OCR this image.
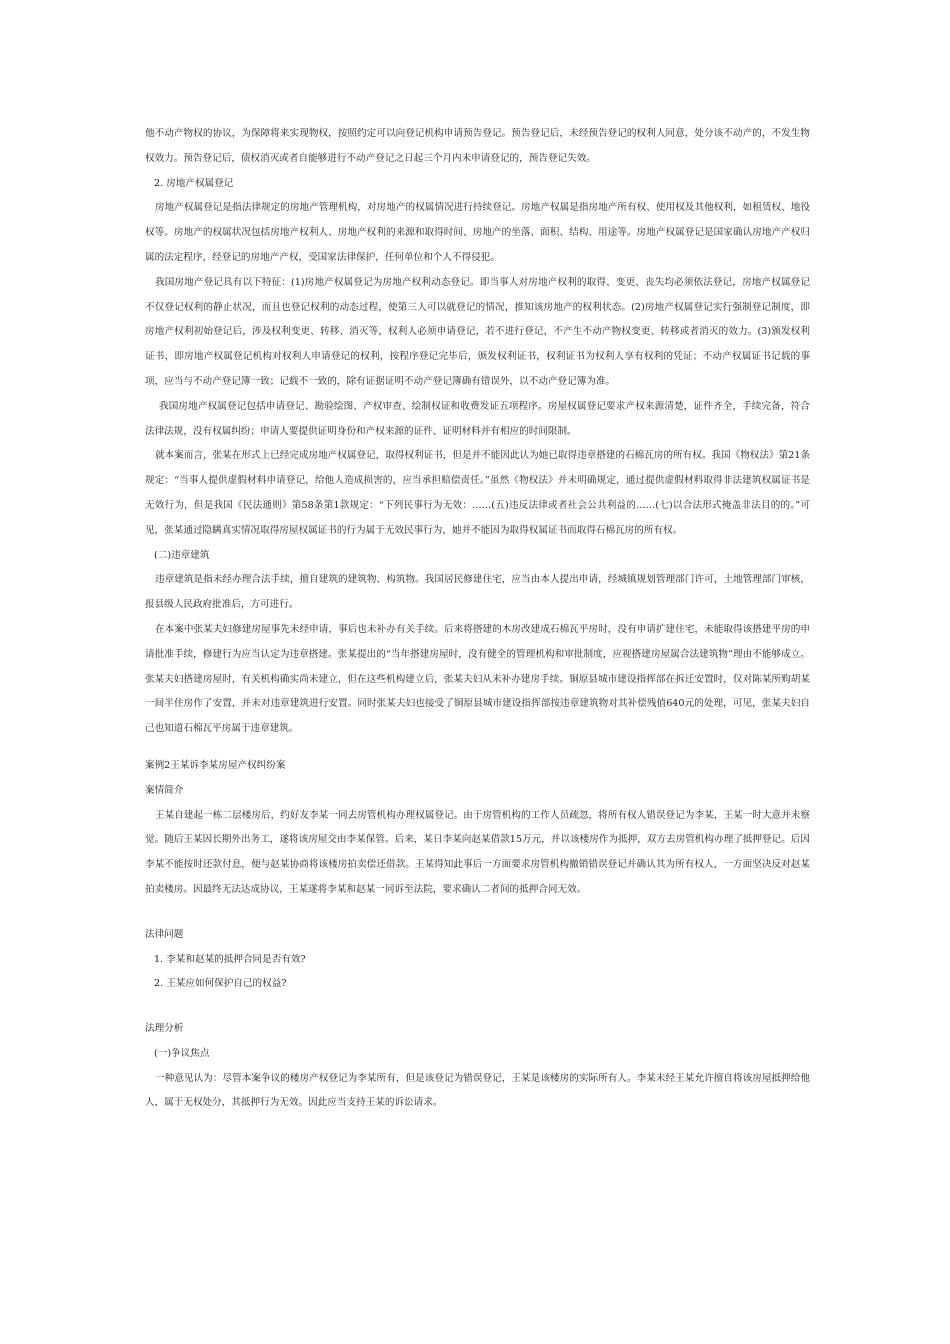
他不动产物权的协议，为保障将来实现物权，按照约定可以向登记机构申请预告登记。预告登记后，未经预告登记的权利人同意，处分该不动产的，不发生物权效力。预告登记后，债权消灭或者自能够进行不动产登记之日起三个月内未申请登记的，预告登记失效。

2. 房地产权属登记

房地产权属登记是指法律规定的房地产管理机构，对房地产的权属情况进行持续登记。房地产权属是指房地产所有权、使用权及其他权利，如租赁权、地役权等。房地产的权属状况包括房地产权利人、房地产权利的来源和取得时间、房地产的坐落、面积、结构、用途等。房地产权属登记是国家确认房地产产权归属的法定程序，经登记的房地产产权，受国家法律保护，任何单位和个人不得侵犯。

我国房地产登记具有以下特征：(1)房地产权属登记为房地产权利动态登记。即当事人对房地产权利的取得、变更、丧失均必须依法登记，房地产权属登记不仅登记权利的静止状况，而且也登记权利的动态过程，使第三人可以就登记的情况，推知该房地产的权利状态。(2)房地产权属登记实行强制登记制度，即房地产权利初始登记后，涉及权利变更、转移、消灭等，权利人必须申请登记，若不进行登记，不产生不动产物权变更、转移或者消灭的效力。(3)颁发权利证书，即房地产权属登记机构对权利人申请登记的权利，按程序登记完毕后，颁发权利证书，权利证书为权利人享有权利的凭证；不动产权属证书记载的事项，应当与不动产登记簿一致；记载不一致的，除有证据证明不动产登记簿确有错误外，以不动产登记簿为准。

我国房地产权属登记包括申请登记、勘验绘图、产权审查、绘制权证和收费发证五项程序。房屋权属登记要求产权来源清楚，证件齐全，手续完备，符合法律法规，没有权属纠纷；申请人要提供证明身份和产权来源的证件、证明材料并有相应的时间限制。

就本案而言，张某在形式上已经完成房地产权属登记，取得权利证书，但是并不能因此认为她已取得违章搭建的石棉瓦房的所有权。我国《物权法》第21条规定：“当事人提供虚假材料申请登记，给他人造成损害的，应当承担赔偿责任。”虽然《物权法》并未明确规定，通过提供虚假材料取得非法建筑权属证书是无效行为，但是我国《民法通则》第58条第1款规定：“下列民事行为无效：……(五)违反法律或者社会公共利益的……(七)以合法形式掩盖非法目的的。”可见，张某通过隐瞒真实情况取得房屋权属证书的行为属于无效民事行为，她并不能因为取得权属证书而取得石棉瓦房的所有权。

(二)违章建筑

违章建筑是指未经办理合法手续，擅自建筑的建筑物、构筑物。我国居民修建住宅，应当由本人提出申请，经城镇规划管理部门许可，土地管理部门审核，报县级人民政府批准后，方可进行。

在本案中张某夫妇修建房屋事先未经申请，事后也未补办有关手续。后来将搭建的木房改建成石棉瓦平房时，没有申请扩建住宅，未能取得该搭建平房的申请批准手续，修建行为应当认定为违章搭建。张某提出的“当年搭建房屋时，没有健全的管理机构和审批制度，应视搭建房屋属合法建筑物”理由不能够成立。张某夫妇搭建房屋时，有关机构确实尚未建立，但在这些机构建立后，张某夫妇从未补办建房手续。铜原县城市建设指挥部在拆迁安置时，仅对陈某所购胡某一间半住房作了安置，并未对违章建筑进行安置。同时张某夫妇也接受了铜原县城市建设指挥部按违章建筑物对其补偿残值640元的处理，可见，张某夫妇自己也知道石棉瓦平房属于违章建筑。

案例2王某诉李某房屋产权纠纷案

案情简介

王某自建起一栋二层楼房后，约好友李某一同去房管机构办理权属登记。由于房管机构的工作人员疏忽，将所有权人错误登记为李某，王某一时大意并未察觉。随后王某因长期外出务工，遂将该房屋交由李某保管。后来，某日李某向赵某借款15万元，并以该楼房作为抵押，双方去房管机构办理了抵押登记。后因李某不能按时还款付息，便与赵某协商将该楼房拍卖偿还借款。王某得知此事后一方面要求房管机构撤销错误登记并确认其为所有权人，一方面坚决反对赵某拍卖楼房。因最终无法达成协议，王某遂将李某和赵某一同诉至法院，要求确认二者间的抵押合同无效。

法律问题

1. 李某和赵某的抵押合同是否有效?

2. 王某应如何保护自己的权益?

法理分析

(一)争议焦点

一种意见认为：尽管本案争议的楼房产权登记为李某所有，但是该登记为错误登记，王某是该楼房的实际所有人。李某未经王某允许擅自将该房屋抵押给他人，属于无权处分，其抵押行为无效。因此应当支持王某的诉讼请求。
